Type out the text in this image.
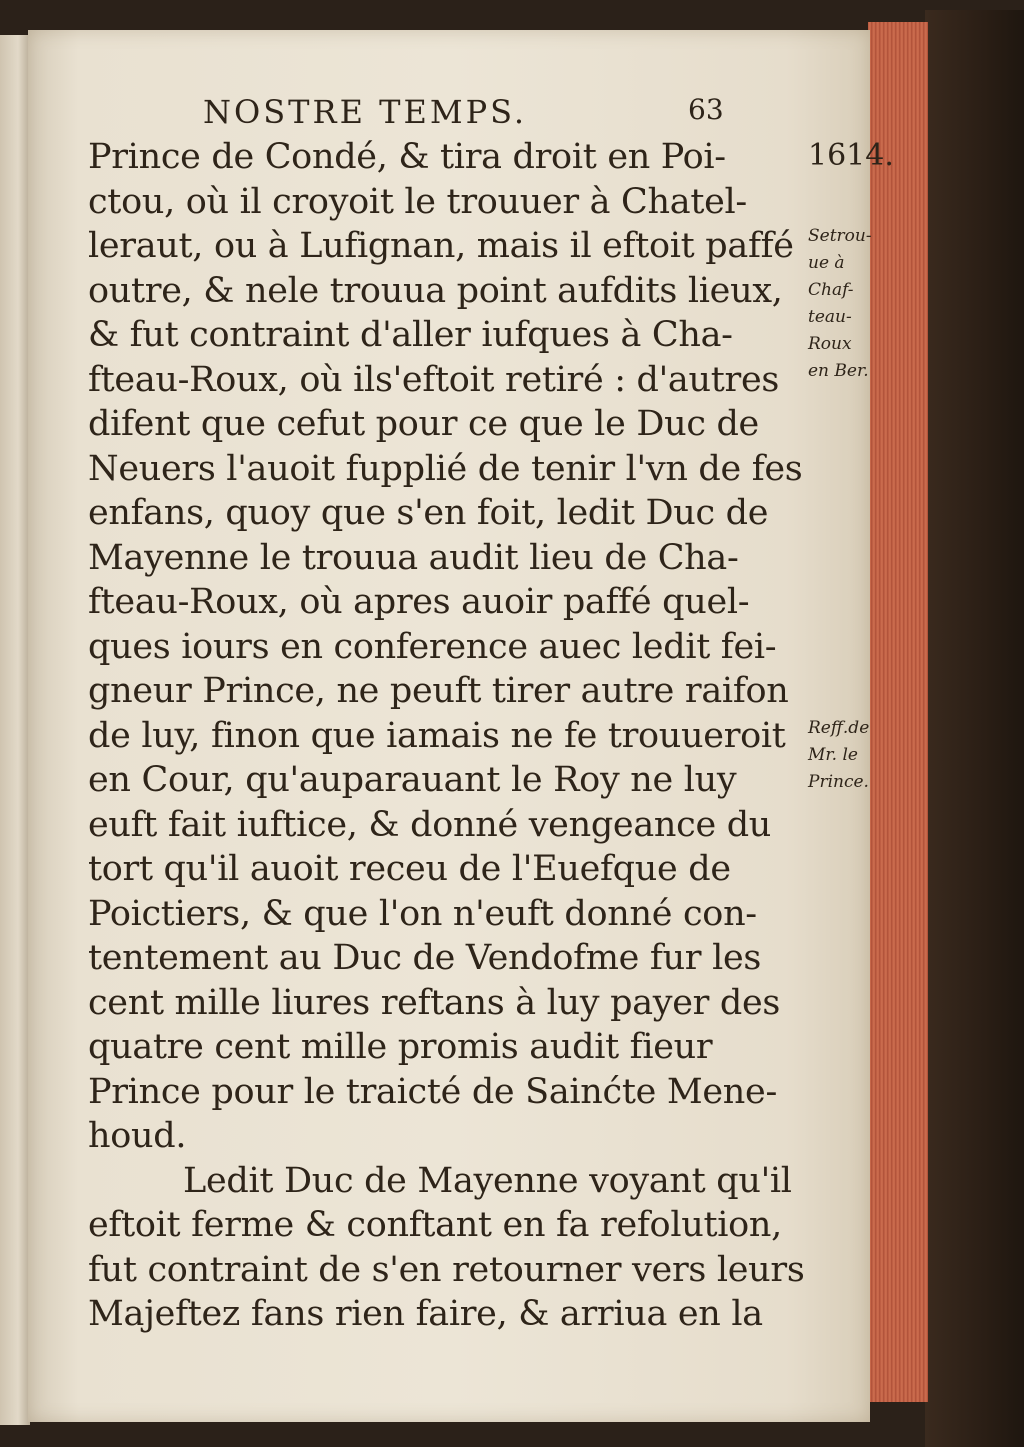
NOSTRE TEMPS.	63
Prince de Condé, & tira droit en Poi-
ctou, où il croyoit le trouuer à Chatel-
leraut, ou à Lufignan, mais il eftoit paffé
outre, & nele trouua point aufdits lieux,
& fut contraint d'aller iufques à Cha-
fteau-Roux, où ils'eftoit retiré : d'autres
difent que cefut pour ce que le Duc de
Neuers l'auoit fupplié de tenir l'vn de fes
enfans, quoy que s'en foit, ledit Duc de
Mayenne le trouua audit lieu de Cha-
fteau-Roux, où apres auoir paffé quel-
ques iours en conference auec ledit fei-
gneur Prince, ne peuft tirer autre raifon
de luy, finon que iamais ne fe trouueroit
en Cour, qu'auparauant le Roy ne luy
euft fait iuftice, & donné vengeance du
tort qu'il auoit receu de l'Euefque de
Poictiers, & que l'on n'euft donné con-
tentement au Duc de Vendofme fur les
cent mille liures reftans à luy payer des
quatre cent mille promis audit fieur
Prince pour le traicté de Sainćte Mene-
houd.
Ledit Duc de Mayenne voyant qu'il
eftoit ferme & conftant en fa refolution,
fut contraint de s'en retourner vers leurs
Majeftez fans rien faire, & arriua en la
1614.
Setrou-
ue à
Chaf-
teau-
Roux
en Ber.
Reff.de
Mr. le
Prince.
